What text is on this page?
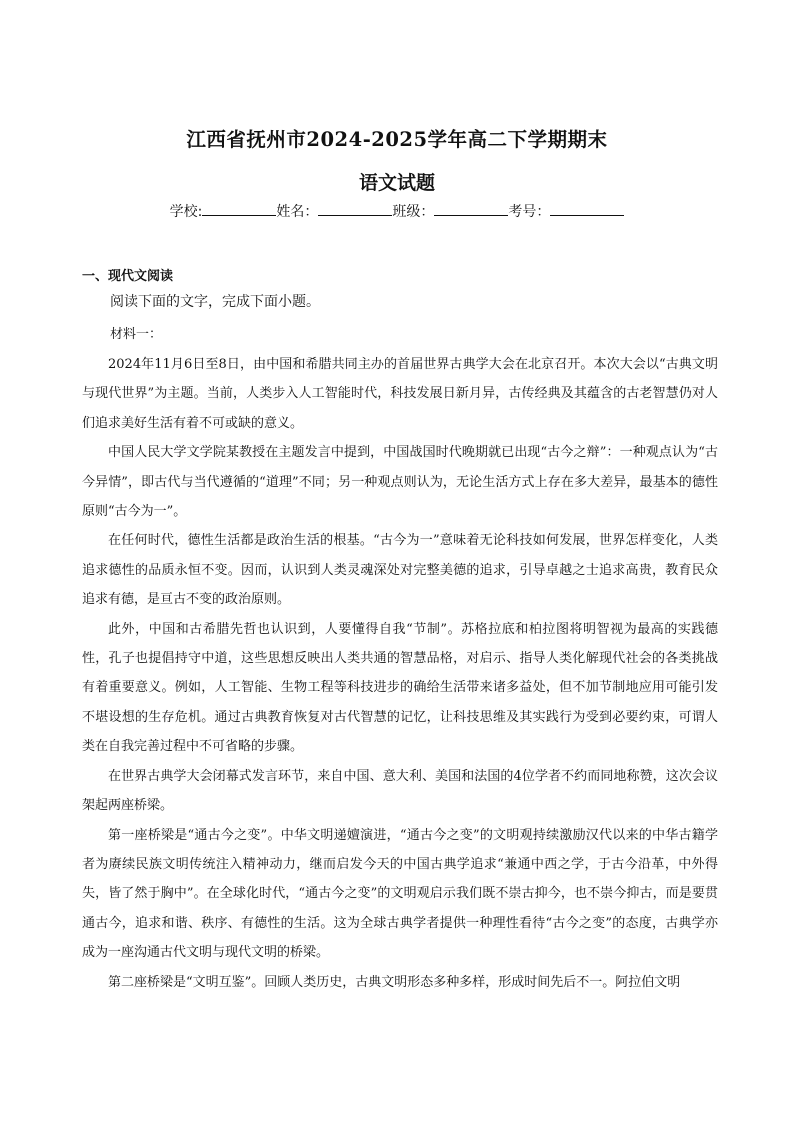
江西省抚州市2024-2025学年高二下学期期末
语文试题
学校:	姓名：	班级：	考号：
一、现代文阅读
阅读下面的文字，完成下面小题。
材料一：

2024年11月6日至8日，由中国和希腊共同主办的首届世界古典学大会在北京召开。本次大会以“古典文明与现代世界”为主题。当前，人类步入人工智能时代，科技发展日新月异，古传经典及其蕴含的古老智慧仍对人们追求美好生活有着不可或缺的意义。

中国人民大学文学院某教授在主题发言中提到，中国战国时代晚期就已出现“古今之辩”：一种观点认为“古今异情”，即古代与当代遵循的“道理”不同；另一种观点则认为，无论生活方式上存在多大差异，最基本的德性原则“古今为一”。

在任何时代，德性生活都是政治生活的根基。“古今为一”意味着无论科技如何发展，世界怎样变化，人类追求德性的品质永恒不变。因而，认识到人类灵魂深处对完整美德的追求，引导卓越之士追求高贵，教育民众追求有德，是亘古不变的政治原则。

此外，中国和古希腊先哲也认识到，人要懂得自我“节制”。苏格拉底和柏拉图将明智视为最高的实践德性，孔子也提倡持守中道，这些思想反映出人类共通的智慧品格，对启示、指导人类化解现代社会的各类挑战有着重要意义。例如，人工智能、生物工程等科技进步的确给生活带来诸多益处，但不加节制地应用可能引发不堪设想的生存危机。通过古典教育恢复对古代智慧的记忆，让科技思维及其实践行为受到必要约束，可谓人类在自我完善过程中不可省略的步骤。

在世界古典学大会闭幕式发言环节，来自中国、意大利、美国和法国的4位学者不约而同地称赞，这次会议架起两座桥梁。

第一座桥梁是“通古今之变”。中华文明递嬗演进，“通古今之变”的文明观持续激励汉代以来的中华古籍学者为赓续民族文明传统注入精神动力，继而启发今天的中国古典学追求“兼通中西之学，于古今沿革，中外得失，皆了然于胸中”。在全球化时代，“通古今之变”的文明观启示我们既不崇古抑今，也不崇今抑古，而是要贯通古今，追求和谐、秩序、有德性的生活。这为全球古典学者提供一种理性看待“古今之变”的态度，古典学亦成为一座沟通古代文明与现代文明的桥梁。

第二座桥梁是“文明互鉴”。回顾人类历史，古典文明形态多种多样，形成时间先后不一。阿拉伯文明
